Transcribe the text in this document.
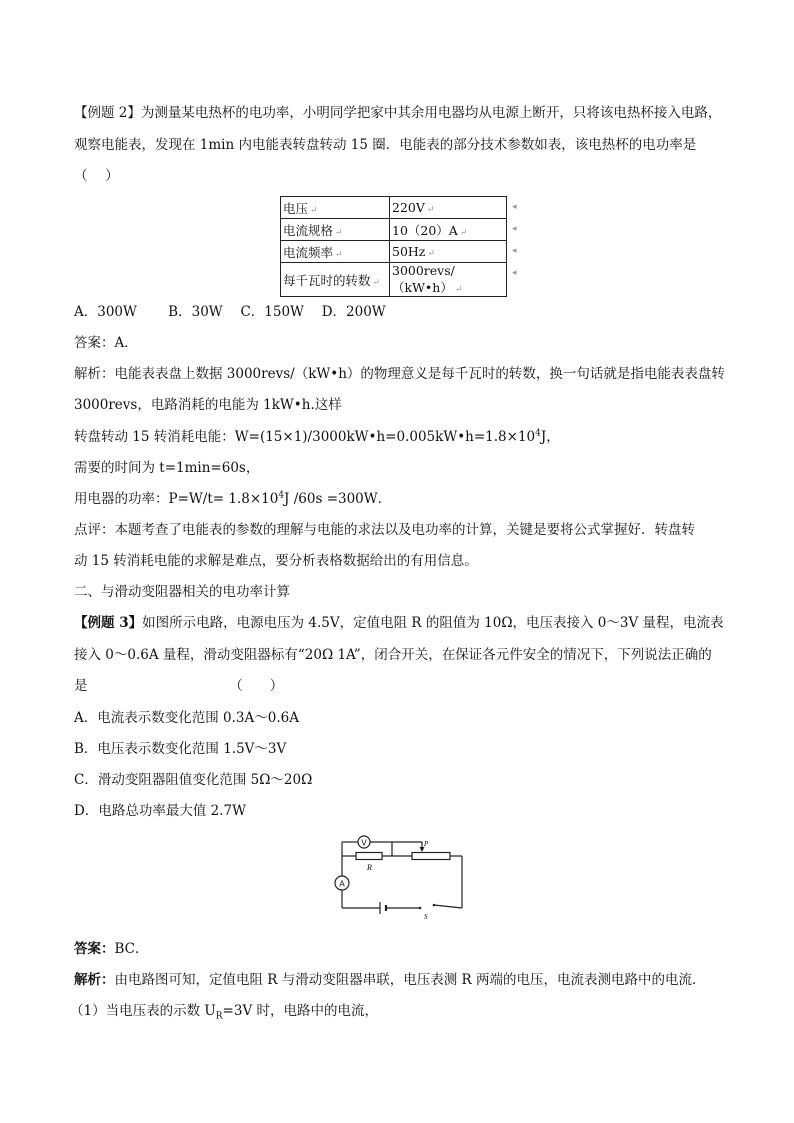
【例题 2】为测量某电热杯的电功率，小明同学把家中其余用电器均从电源上断开，只将该电热杯接入电路，
观察电能表，发现在 1min 内电能表转盘转动 15 圈．电能表的部分技术参数如表，该电热杯的电功率是
（　 ）
电压 ↵	220V ↵
电流规格 ↵	10（20）A ↵
电流频率 ↵	50Hz ↵
每千瓦时的转数 ↵	3000revs/（kW•h） ↵
◂
◂
◂
◂
A．300W　　 B．30W　 C．150W　 D．200W
答案：A．
解析：电能表表盘上数据 3000revs/（kW•h）的物理意义是每千瓦时的转数，换一句话就是指电能表表盘转
3000revs，电路消耗的电能为 1kW•h.这样
转盘转动 15 转消耗电能：$W=(15\times 1)/3000kW•h=0.005kW•h=1.8\times 10^4J$，
需要的时间为 t=1min=60s，
用电器的功率：$P=W/t= 1.8\times 10^4J$ /60s =300W．
点评：本题考查了电能表的参数的理解与电能的求法以及电功率的计算，关键是要将公式掌握好．转盘转
动 15 转消耗电能的求解是难点，要分析表格数据给出的有用信息。
二、与滑动变阻器相关的电功率计算
【例题 3】如图所示电路，电源电压为 4.5V，定值电阻 R 的阻值为 10Ω，电压表接入 0～3V 量程，电流表
接入 0～0.6A 量程，滑动变阻器标有“20Ω 1A”，闭合开关，在保证各元件安全的情况下，下列说法正确的
是　　　　　　　　　　　（　　）
A．电流表示数变化范围 0.3A～0.6A
B．电压表示数变化范围 1.5V～3V
C．滑动变阻器阻值变化范围 5Ω～20Ω
D．电路总功率最大值 2.7W
V
A
P
R
S
答案：BC．
解析：由电路图可知，定值电阻 R 与滑动变阻器串联，电压表测 R 两端的电压，电流表测电路中的电流．
（1）当电压表的示数 $U_R=3V$ 时，电路中的电流，
